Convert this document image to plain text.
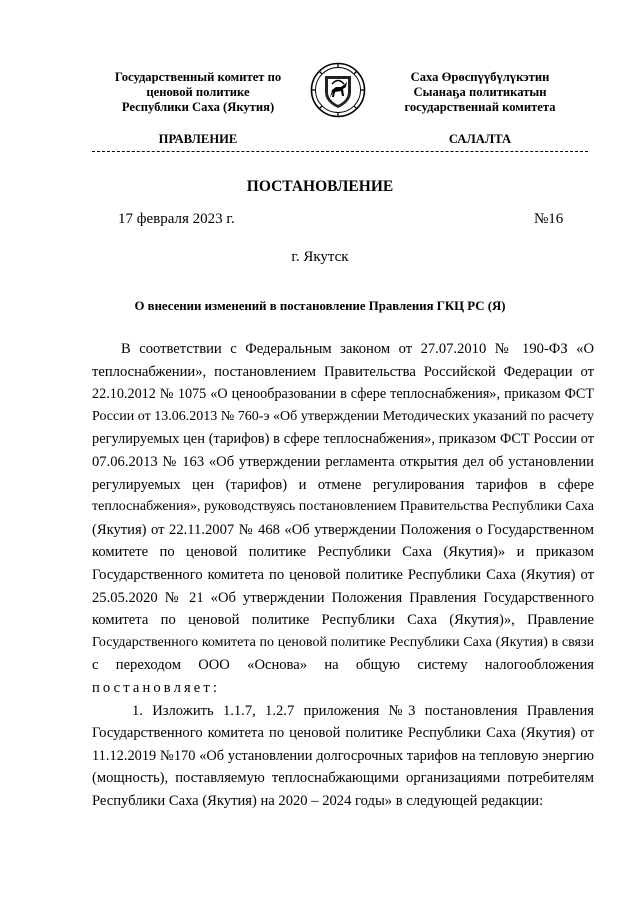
Государственный комитет по
ценовой политике
Республики Саха (Якутия)
Саха Өрөспүүбүлүкэтин
Сыанаҕа политикатын
государственнай комитета
ПРАВЛЕНИЕ	САЛАЛТА
ПОСТАНОВЛЕНИЕ
17 февраля 2023 г.	№16
г. Якутск
О внесении изменений в постановление Правления ГКЦ РС (Я)
В соответствии с Федеральным законом от 27.07.2010 № 190-ФЗ «О
теплоснабжении», постановлением Правительства Российской Федерации от
22.10.2012 № 1075 «О ценообразовании в сфере теплоснабжения», приказом ФСТ
России от 13.06.2013 № 760-э «Об утверждении Методических указаний по расчету
регулируемых цен (тарифов) в сфере теплоснабжения», приказом ФСТ России от
07.06.2013 № 163 «Об утверждении регламента открытия дел об установлении
регулируемых цен (тарифов) и отмене регулирования тарифов в сфере
теплоснабжения», руководствуясь постановлением Правительства Республики Саха
(Якутия) от 22.11.2007 № 468 «Об утверждении Положения о Государственном
комитете по ценовой политике Республики Саха (Якутия)» и приказом
Государственного комитета по ценовой политике Республики Саха (Якутия) от
25.05.2020 № 21 «Об утверждении Положения Правления Государственного
комитета по ценовой политике Республики Саха (Якутия)», Правление
Государственного комитета по ценовой политике Республики Саха (Якутия) в связи
с переходом ООО «Основа» на общую систему налогообложения
постановляет:
1. Изложить 1.1.7, 1.2.7 приложения №3 постановления Правления
Государственного комитета по ценовой политике Республики Саха (Якутия) от
11.12.2019 №170 «Об установлении долгосрочных тарифов на тепловую энергию
(мощность), поставляемую теплоснабжающими организациями потребителям
Республики Саха (Якутия) на 2020 – 2024 годы» в следующей редакции:
